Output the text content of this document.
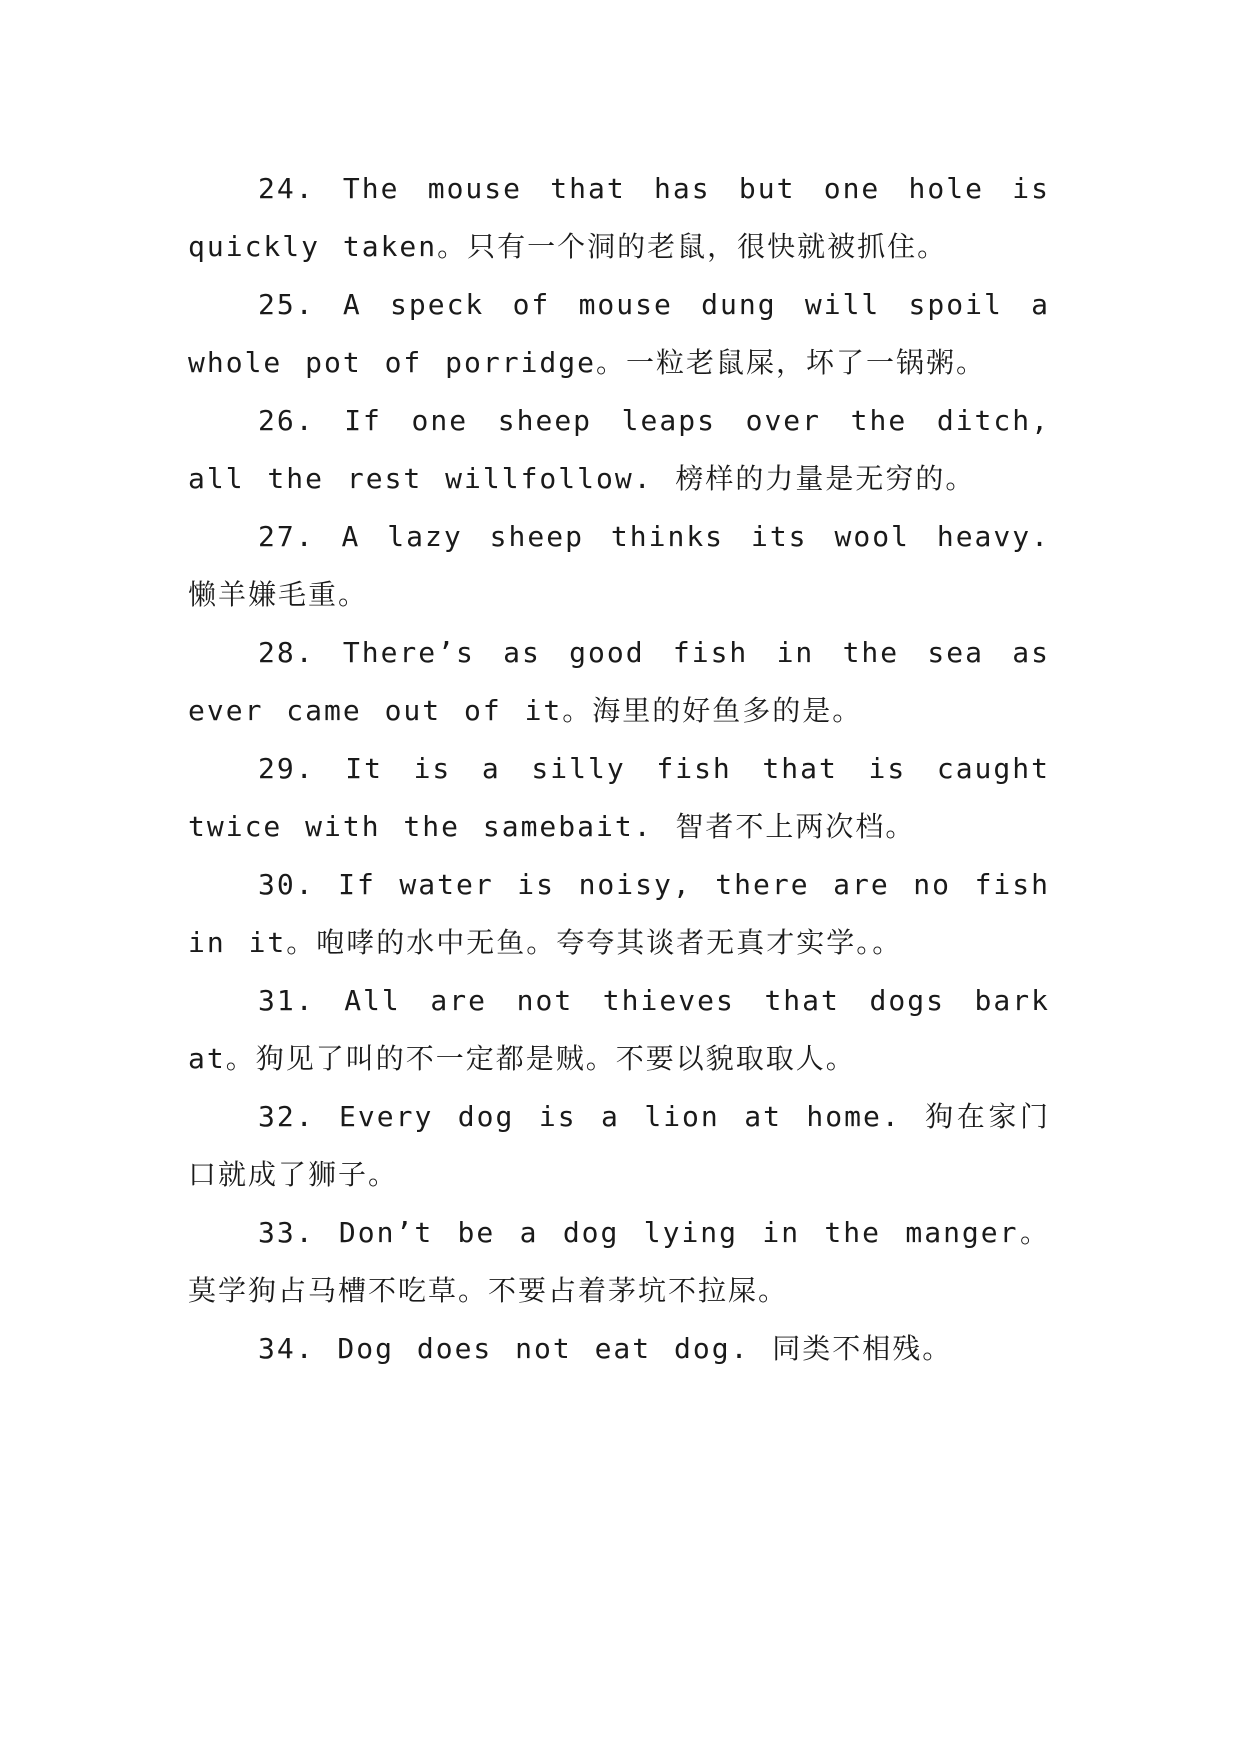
24. The mouse that has but one hole is quickly taken。只有一个洞的老鼠，很快就被抓住。

25. A speck of mouse dung will spoil a whole pot of porridge。一粒老鼠屎，坏了一锅粥。

26. If one sheep leaps over the ditch, all the rest willfollow. 榜样的力量是无穷的。

27. A lazy sheep thinks its wool heavy. 懒羊嫌毛重。

28. There’s as good fish in the sea as ever came out of it。海里的好鱼多的是。

29. It is a silly fish that is caught twice with the samebait. 智者不上两次档。

30. If water is noisy, there are no fish in it。咆哮的水中无鱼。夸夸其谈者无真才实学。。

31. All are not thieves that dogs bark at。狗见了叫的不一定都是贼。不要以貌取取人。

32. Every dog is a lion at home. 狗在家门口就成了狮子。

33. Don’t be a dog lying in the manger。莫学狗占马槽不吃草。不要占着茅坑不拉屎。

34. Dog does not eat dog. 同类不相残。
